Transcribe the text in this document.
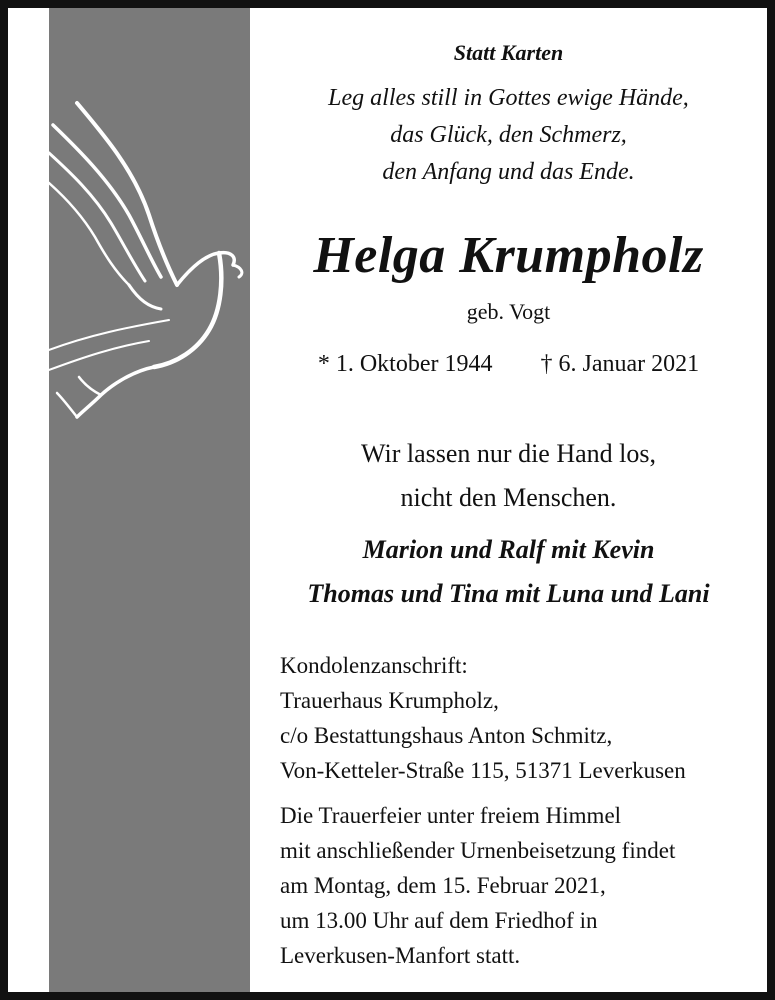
Statt Karten
Leg alles still in Gottes ewige Hände,
das Glück, den Schmerz,
den Anfang und das Ende.
Helga Krumpholz
geb. Vogt
* 1. Oktober 1944 † 6. Januar 2021
Wir lassen nur die Hand los,
nicht den Menschen.
Marion und Ralf mit Kevin
Thomas und Tina mit Luna und Lani
Kondolenzanschrift:
Trauerhaus Krumpholz,
c/o Bestattungshaus Anton Schmitz,
Von-Ketteler-Straße 115, 51371 Leverkusen
Die Trauerfeier unter freiem Himmel
mit anschließender Urnenbeisetzung findet
am Montag, dem 15. Februar 2021,
um 13.00 Uhr auf dem Friedhof in
Leverkusen-Manfort statt.
